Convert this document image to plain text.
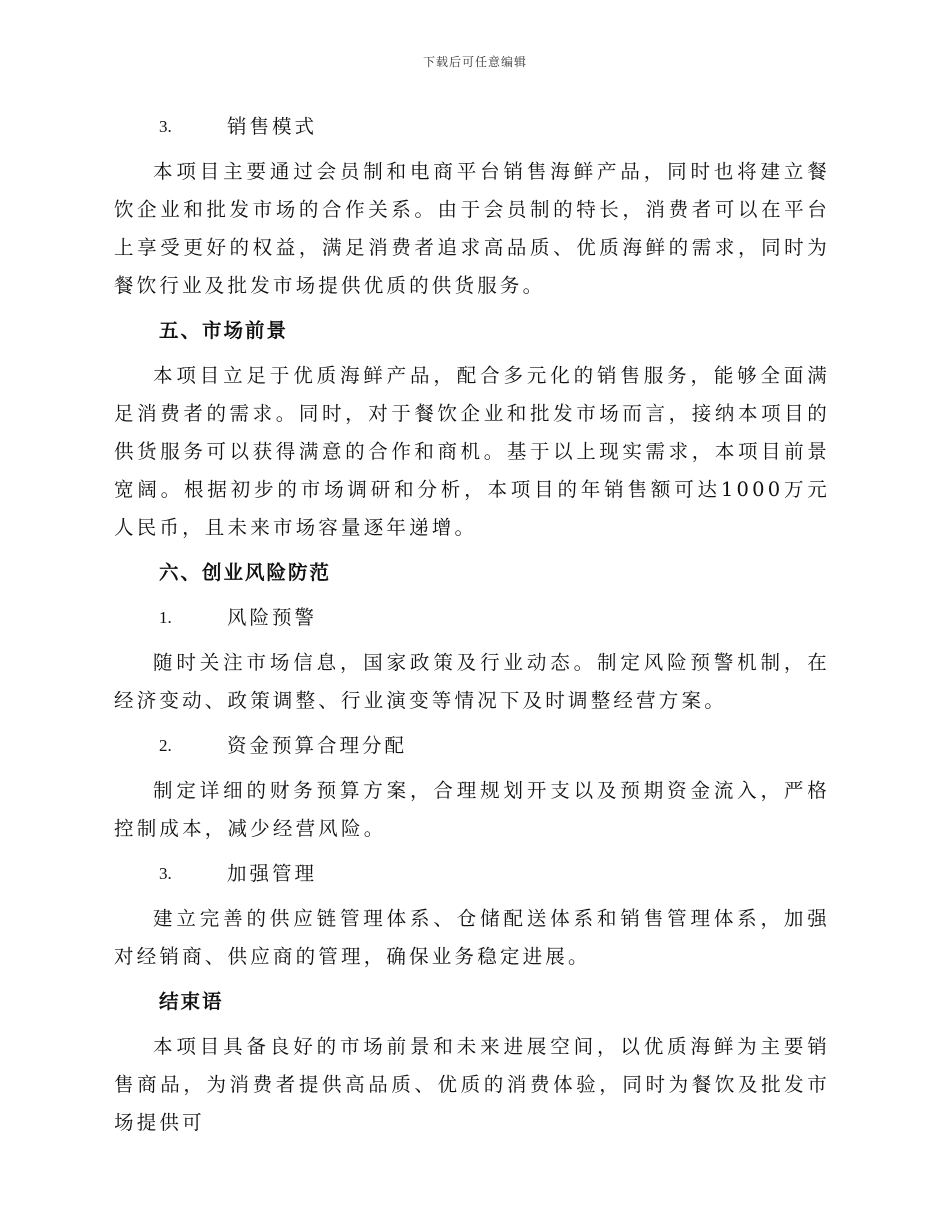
下载后可任意编辑
3.	销售模式

本项目主要通过会员制和电商平台销售海鲜产品，同时也将建立餐饮企业和批发市场的合作关系。由于会员制的特长，消费者可以在平台上享受更好的权益，满足消费者追求高品质、优质海鲜的需求，同时为餐饮行业及批发市场提供优质的供货服务。

五、市场前景

本项目立足于优质海鲜产品，配合多元化的销售服务，能够全面满足消费者的需求。同时，对于餐饮企业和批发市场而言，接纳本项目的供货服务可以获得满意的合作和商机。基于以上现实需求，本项目前景宽阔。根据初步的市场调研和分析，本项目的年销售额可达1000万元人民币，且未来市场容量逐年递增。

六、创业风险防范
1.	风险预警

随时关注市场信息，国家政策及行业动态。制定风险预警机制，在经济变动、政策调整、行业演变等情况下及时调整经营方案。

2.	资金预算合理分配

制定详细的财务预算方案，合理规划开支以及预期资金流入，严格控制成本，减少经营风险。

3.	加强管理

建立完善的供应链管理体系、仓储配送体系和销售管理体系，加强对经销商、供应商的管理，确保业务稳定进展。

结束语

本项目具备良好的市场前景和未来进展空间，以优质海鲜为主要销售商品，为消费者提供高品质、优质的消费体验，同时为餐饮及批发市场提供可
